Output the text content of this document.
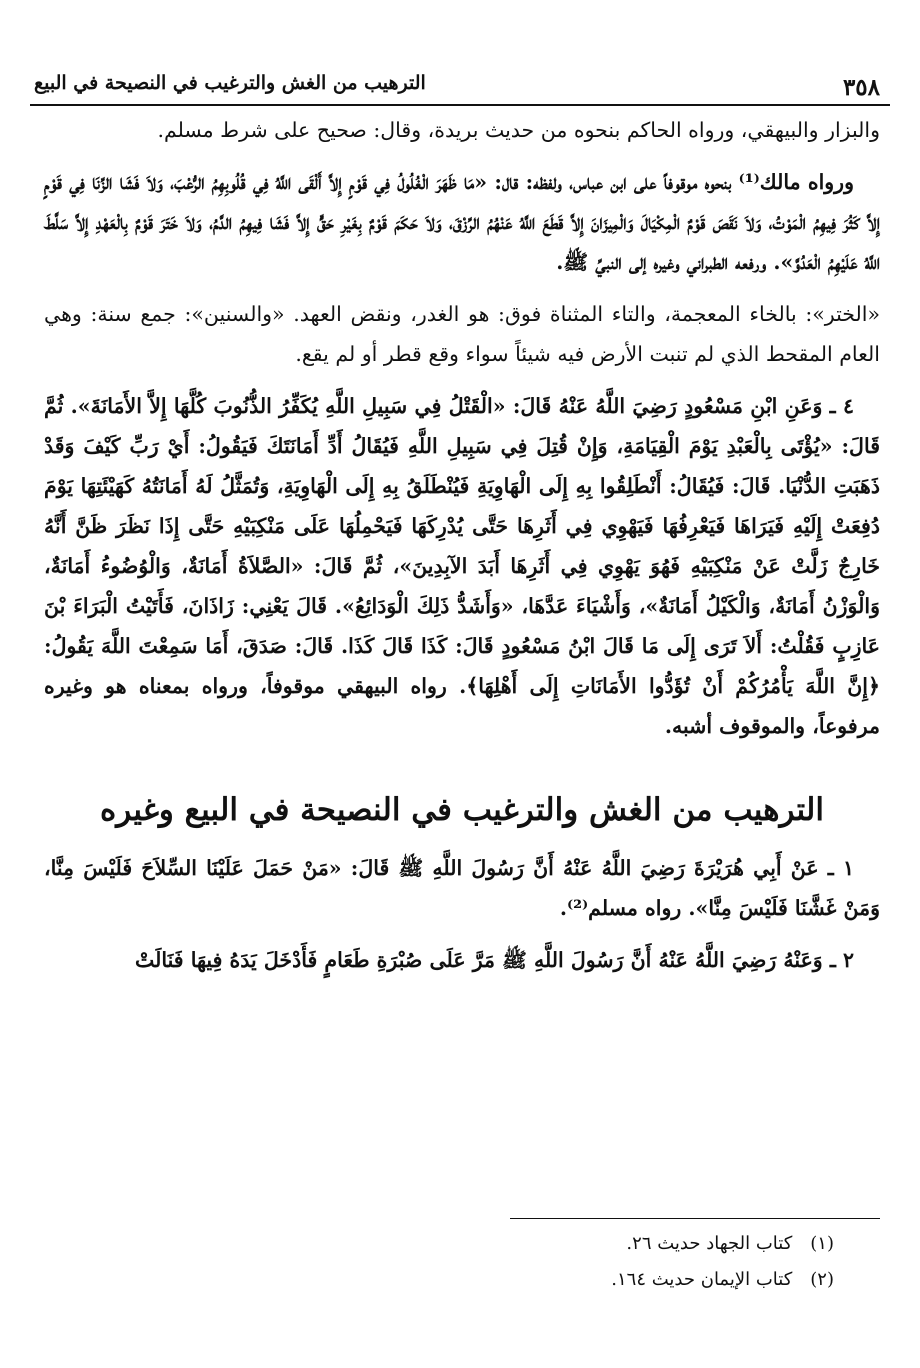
٣٥٨
الترهيب من الغش والترغيب في النصيحة في البيع

والبزار والبيهقي، ورواه الحاكم بنحوه من حديث بريدة، وقال: صحيح على شرط مسلم.

ورواه مالك⁽¹⁾ بنحوه موقوفاً على ابن عباس، ولفظه: قال: «مَا ظَهَرَ الْغُلُولُ فِي قَوْمٍ إِلاَّ أَلْقَى اللَّهُ فِي قُلُوبِهِمُ الرُّعْبَ، وَلاَ فَشَا الزِّنَا فِي قَوْمٍ إِلاَّ كَثُرَ فِيهِمُ الْمَوْتُ، وَلاَ نَقَصَ قَوْمٌ الْمِكْيَالَ وَالْمِيزَانَ إِلاَّ قَطَعَ اللَّهُ عَنْهُمُ الرِّزْقَ، وَلاَ حَكَمَ قَوْمٌ بِغَيْرِ حَقٍّ إِلاَّ فَشَا فِيهِمُ الدَّمُ، وَلاَ خَتَرَ قَوْمٌ بِالْعَهْدِ إِلاَّ سَلَّطَ اللَّهُ عَلَيْهِمُ الْعَدُوَّ». ورفعه الطبراني وغيره إلى النبيِّ ﷺ.

«الختر»: بالخاء المعجمة، والتاء المثناة فوق: هو الغدر، ونقض العهد. «والسنين»: جمع سنة: وهي العام المقحط الذي لم تنبت الأرض فيه شيئاً سواء وقع قطر أو لم يقع.

٤ ـ وَعَنِ ابْنِ مَسْعُودٍ رَضِيَ اللَّهُ عَنْهُ قَالَ: «الْقَتْلُ فِي سَبِيلِ اللَّهِ يُكَفِّرُ الذُّنُوبَ كُلَّهَا إِلاَّ الأَمَانَةَ». ثُمَّ قَالَ: «يُؤْتَى بِالْعَبْدِ يَوْمَ الْقِيَامَةِ، وَإِنْ قُتِلَ فِي سَبِيلِ اللَّهِ فَيُقَالُ أَدِّ أَمَانَتَكَ فَيَقُولُ: أَيْ رَبِّ كَيْفَ وَقَدْ ذَهَبَتِ الدُّنْيَا. قَالَ: فَيُقَالُ: أَنْطَلِقُوا بِهِ إِلَى الْهَاوِيَةِ فَيُنْطَلَقُ بِهِ إِلَى الْهَاوِيَةِ، وَتُمَثَّلُ لَهُ أَمَانَتُهُ كَهَيْئَتِهَا يَوْمَ دُفِعَتْ إِلَيْهِ فَيَرَاهَا فَيَعْرِفُهَا فَيَهْوِي فِي أَثَرِهَا حَتَّى يُدْرِكَهَا فَيَحْمِلُهَا عَلَى مَنْكِبَيْهِ حَتَّى إِذَا نَظَرَ ظَنَّ أَنَّهُ خَارِجٌ زَلَّتْ عَنْ مَنْكِبَيْهِ فَهُوَ يَهْوِي فِي أَثَرِهَا أَبَدَ الآبِدِينَ»، ثُمَّ قَالَ: «الصَّلاَةُ أَمَانَةٌ، وَالْوُضُوءُ أَمَانَةٌ، وَالْوَزْنُ أَمَانَةٌ، وَالْكَيْلُ أَمَانَةٌ»، وَأَشْيَاءَ عَدَّهَا، «وَأَشَدُّ ذَلِكَ الْوَدَائِعُ». قَالَ يَعْنِي: زَاذَانَ، فَأَتَيْتُ الْبَرَاءَ بْنَ عَازِبٍ فَقُلْتُ: أَلاَ تَرَى إِلَى مَا قَالَ ابْنُ مَسْعُودٍ قَالَ: كَذَا قَالَ كَذَا. قَالَ: صَدَقَ، أَمَا سَمِعْتَ اللَّهَ يَقُولُ: ﴿إِنَّ اللَّهَ يَأْمُرُكُمْ أَنْ تُؤَدُّوا الأَمَانَاتِ إِلَى أَهْلِهَا﴾. رواه البيهقي موقوفاً، ورواه بمعناه هو وغيره مرفوعاً، والموقوف أشبه.

الترهيب من الغش والترغيب في النصيحة في البيع وغيره

١ ـ عَنْ أَبِي هُرَيْرَةَ رَضِيَ اللَّهُ عَنْهُ أَنَّ رَسُولَ اللَّهِ ﷺ قَالَ: «مَنْ حَمَلَ عَلَيْنَا السِّلاَحَ فَلَيْسَ مِنَّا، وَمَنْ غَشَّنَا فَلَيْسَ مِنَّا». رواه مسلم⁽²⁾.

٢ ـ وَعَنْهُ رَضِيَ اللَّهُ عَنْهُ أَنَّ رَسُولَ اللَّهِ ﷺ مَرَّ عَلَى صُبْرَةِ طَعَامٍ فَأَدْخَلَ يَدَهُ فِيهَا فَنَالَتْ

(١) كتاب الجهاد حديث ٢٦.
(٢) كتاب الإيمان حديث ١٦٤.
